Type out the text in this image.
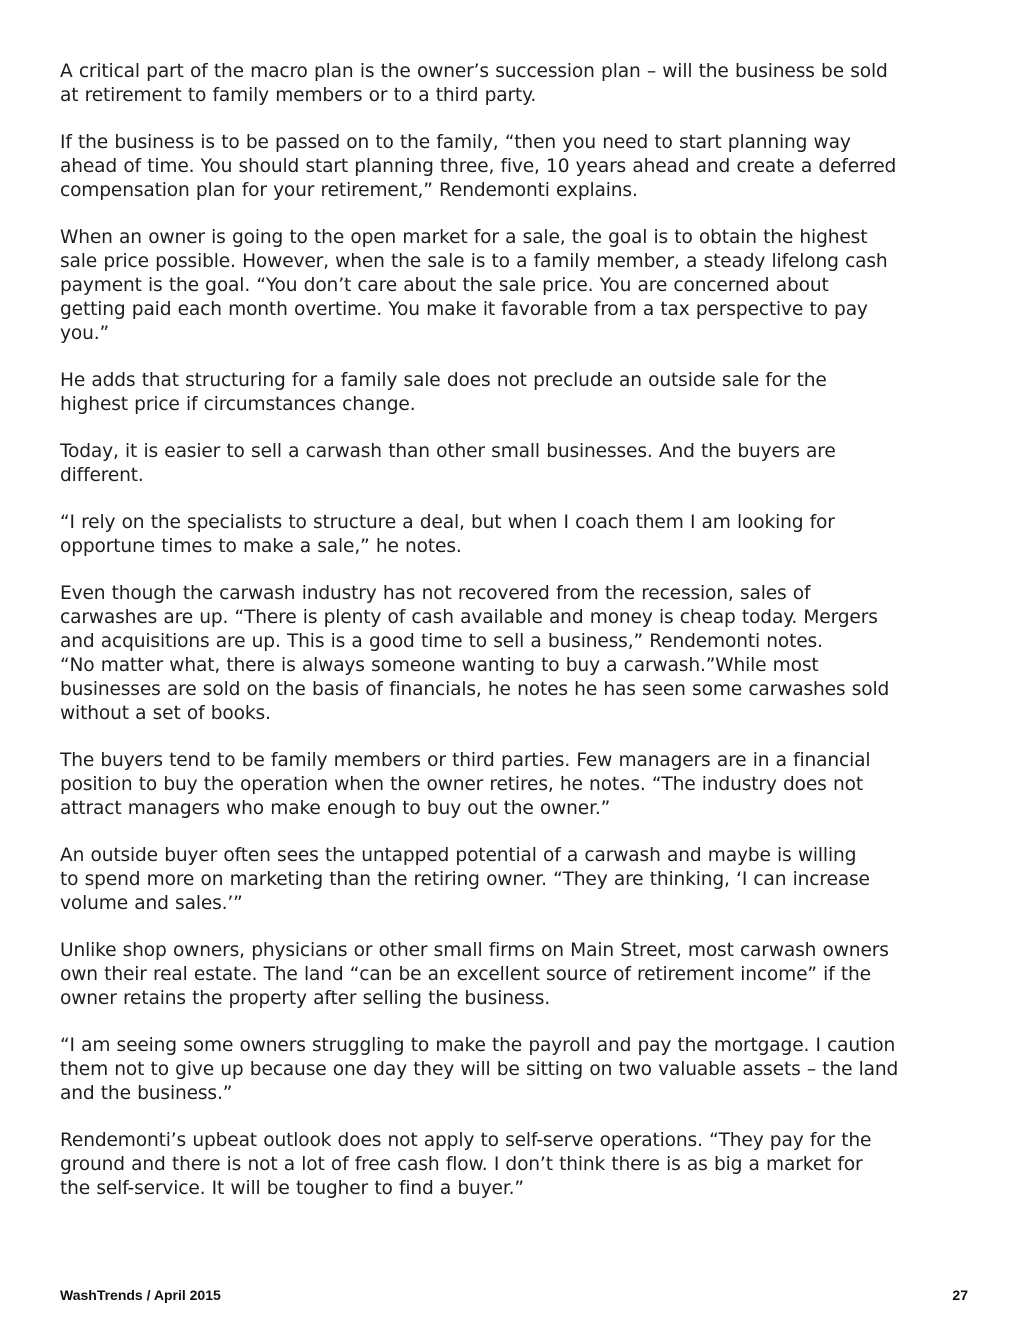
A critical part of the macro plan is the owner’s succession plan – will the business be sold
at retirement to family members or to a third party.

If the business is to be passed on to the family, “then you need to start planning way
ahead of time. You should start planning three, five, 10 years ahead and create a deferred
compensation plan for your retirement,” Rendemonti explains.

When an owner is going to the open market for a sale, the goal is to obtain the highest
sale price possible. However, when the sale is to a family member, a steady lifelong cash
payment is the goal. “You don’t care about the sale price. You are concerned about
getting paid each month overtime. You make it favorable from a tax perspective to pay
you.”

He adds that structuring for a family sale does not preclude an outside sale for the
highest price if circumstances change.

Today, it is easier to sell a carwash than other small businesses. And the buyers are
different.

“I rely on the specialists to structure a deal, but when I coach them I am looking for
opportune times to make a sale,” he notes.

Even though the carwash industry has not recovered from the recession, sales of
carwashes are up. “There is plenty of cash available and money is cheap today. Mergers
and acquisitions are up. This is a good time to sell a business,” Rendemonti notes.
“No matter what, there is always someone wanting to buy a carwash.”While most
businesses are sold on the basis of financials, he notes he has seen some carwashes sold
without a set of books.

The buyers tend to be family members or third parties. Few managers are in a financial
position to buy the operation when the owner retires, he notes. “The industry does not
attract managers who make enough to buy out the owner.”

An outside buyer often sees the untapped potential of a carwash and maybe is willing
to spend more on marketing than the retiring owner. “They are thinking, ‘I can increase
volume and sales.’”

Unlike shop owners, physicians or other small firms on Main Street, most carwash owners
own their real estate. The land “can be an excellent source of retirement income” if the
owner retains the property after selling the business.

“I am seeing some owners struggling to make the payroll and pay the mortgage. I caution
them not to give up because one day they will be sitting on two valuable assets – the land
and the business.”

Rendemonti’s upbeat outlook does not apply to self-serve operations. “They pay for the
ground and there is not a lot of free cash flow. I don’t think there is as big a market for
the self-service. It will be tougher to find a buyer.”

WashTrends / April 2015	27
